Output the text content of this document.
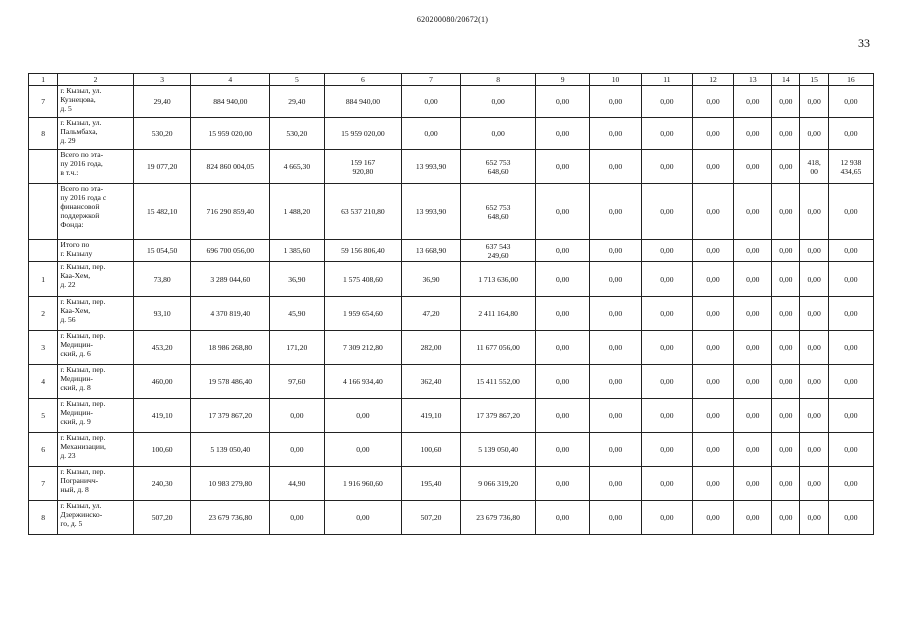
620200080/20672(1)
33
1	2	3	4	5	6	7	8	9	10	11	12	13	14	15	16
7	г. Кызыл, ул.
Кузнецова,
д. 5	29,40	884 940,00	29,40	884 940,00	0,00	0,00	0,00	0,00	0,00	0,00	0,00	0,00	0,00	0,00
8	г. Кызыл, ул.
Пальмбаха,
д. 29	530,20	15 959 020,00	530,20	15 959 020,00	0,00	0,00	0,00	0,00	0,00	0,00	0,00	0,00	0,00	0,00
	Всего по эта-
пу 2016 года,
в т.ч.:	19 077,20	824 860 004,05	4 665,30	159 167
920,80	13 993,90	652 753
648,60	0,00	0,00	0,00	0,00	0,00	0,00	418,
00	12 938
434,65
	Всего по эта-
пу 2016 года с
финансовой
поддержкой
Фонда:	15 482,10	716 290 859,40	1 488,20	63 537 210,80	13 993,90	652 753
648,60	0,00	0,00	0,00	0,00	0,00	0,00	0,00	0,00
	Итого по
г. Кызылу	15 054,50	696 700 056,00	1 385,60	59 156 806,40	13 668,90	637 543
249,60	0,00	0,00	0,00	0,00	0,00	0,00	0,00	0,00
1	г. Кызыл, пер.
Каа-Хем,
д. 22	73,80	3 289 044,60	36,90	1 575 408,60	36,90	1 713 636,00	0,00	0,00	0,00	0,00	0,00	0,00	0,00	0,00
2	г. Кызыл, пер.
Каа-Хем,
д. 56	93,10	4 370 819,40	45,90	1 959 654,60	47,20	2 411 164,80	0,00	0,00	0,00	0,00	0,00	0,00	0,00	0,00
3	г. Кызыл, пер.
Медицин-
ский, д. 6	453,20	18 986 268,80	171,20	7 309 212,80	282,00	11 677 056,00	0,00	0,00	0,00	0,00	0,00	0,00	0,00	0,00
4	г. Кызыл, пер.
Медицин-
ский, д. 8	460,00	19 578 486,40	97,60	4 166 934,40	362,40	15 411 552,00	0,00	0,00	0,00	0,00	0,00	0,00	0,00	0,00
5	г. Кызыл, пер.
Медицин-
ский, д. 9	419,10	17 379 867,20	0,00	0,00	419,10	17 379 867,20	0,00	0,00	0,00	0,00	0,00	0,00	0,00	0,00
6	г. Кызыл, пер.
Механизации,
д. 23	100,60	5 139 050,40	0,00	0,00	100,60	5 139 050,40	0,00	0,00	0,00	0,00	0,00	0,00	0,00	0,00
7	г. Кызыл, пер.
Пограничч-
ный, д. 8	240,30	10 983 279,80	44,90	1 916 960,60	195,40	9 066 319,20	0,00	0,00	0,00	0,00	0,00	0,00	0,00	0,00
8	г. Кызыл, ул.
Дзержинско-
го, д. 5	507,20	23 679 736,80	0,00	0,00	507,20	23 679 736,80	0,00	0,00	0,00	0,00	0,00	0,00	0,00	0,00
